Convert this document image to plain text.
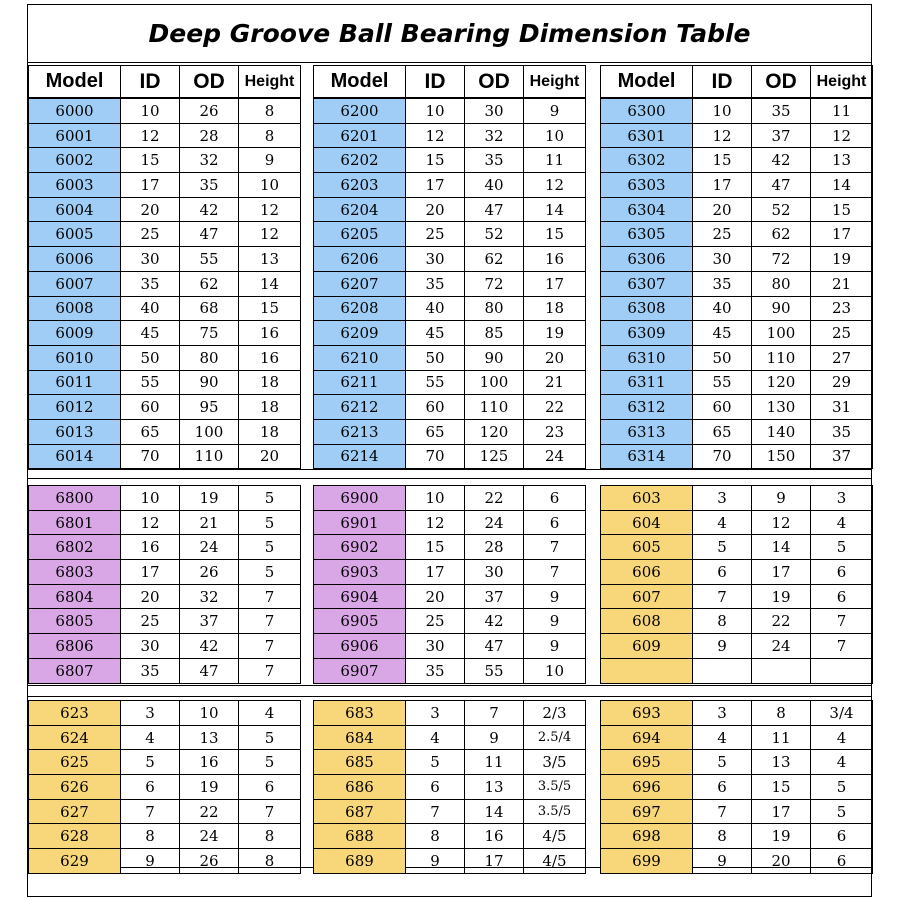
Deep Groove Ball Bearing Dimension Table
Model	ID	OD	Height Model	ID	OD	Height Model	ID	OD	Height
6000	10	26	8
6001	12	28	8
6002	15	32	9
6003	17	35	10
6004	20	42	12
6005	25	47	12
6006	30	55	13
6007	35	62	14
6008	40	68	15
6009	45	75	16
6010	50	80	16
6011	55	90	18
6012	60	95	18
6013	65	100	18
6014	70	110	20
6200	10	30	9
6201	12	32	10
6202	15	35	11
6203	17	40	12
6204	20	47	14
6205	25	52	15
6206	30	62	16
6207	35	72	17
6208	40	80	18
6209	45	85	19
6210	50	90	20
6211	55	100	21
6212	60	110	22
6213	65	120	23
6214	70	125	24
6300	10	35	11
6301	12	37	12
6302	15	42	13
6303	17	47	14
6304	20	52	15
6305	25	62	17
6306	30	72	19
6307	35	80	21
6308	40	90	23
6309	45	100	25
6310	50	110	27
6311	55	120	29
6312	60	130	31
6313	65	140	35
6314	70	150	37
6800	10	19	5
6801	12	21	5
6802	16	24	5
6803	17	26	5
6804	20	32	7
6805	25	37	7
6806	30	42	7
6807	35	47	7
6900	10	22	6
6901	12	24	6
6902	15	28	7
6903	17	30	7
6904	20	37	9
6905	25	42	9
6906	30	47	9
6907	35	55	10
603	3	9	3
604	4	12	4
605	5	14	5
606	6	17	6
607	7	19	6
608	8	22	7
609	9	24	7

623	3	10	4
624	4	13	5
625	5	16	5
626	6	19	6
627	7	22	7
628	8	24	8
629	9	26	8
683	3	7	2/3
684	4	9	2.5/4
685	5	11	3/5
686	6	13	3.5/5
687	7	14	3.5/5
688	8	16	4/5
689	9	17	4/5
693	3	8	3/4
694	4	11	4
695	5	13	4
696	6	15	5
697	7	17	5
698	8	19	6
699	9	20	6
